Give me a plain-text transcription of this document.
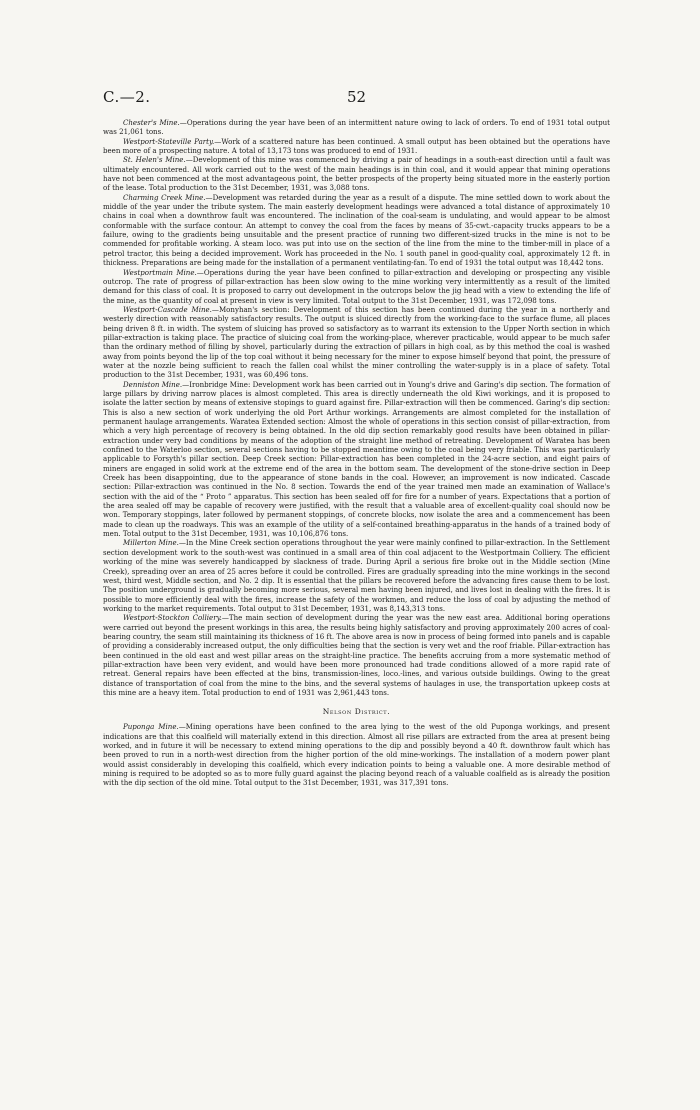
C.—2.	52

Chester's Mine.—Operations during the year have been of an intermittent nature owing to lack of orders. To end of 1931 total output was 21,061 tons.

Westport-Stateville Party.—Work of a scattered nature has been continued. A small output has been obtained but the operations have been more of a prospecting nature. A total of 13,173 tons was produced to end of 1931.

St. Helen's Mine.—Development of this mine was commenced by driving a pair of headings in a south-east direction until a fault was ultimately encountered. All work carried out to the west of the main headings is in thin coal, and it would appear that mining operations have not been commenced at the most advantageous point, the better prospects of the property being situated more in the easterly portion of the lease. Total production to the 31st December, 1931, was 3,088 tons.

Charming Creek Mine.—Development was retarded during the year as a result of a dispute. The mine settled down to work about the middle of the year under the tribute system. The main easterly development headings were advanced a total distance of approximately 10 chains in coal when a downthrow fault was encountered. The inclination of the coal-seam is undulating, and would appear to be almost conformable with the surface contour. An attempt to convey the coal from the faces by means of 35-cwt.-capacity trucks appears to be a failure, owing to the gradients being unsuitable and the present practice of running two different-sized trucks in the mine is not to be commended for profitable working. A steam loco. was put into use on the section of the line from the mine to the timber-mill in place of a petrol tractor, this being a decided improvement. Work has proceeded in the No. 1 south panel in good-quality coal, approximately 12 ft. in thickness. Preparations are being made for the installation of a permanent ventilating-fan. To end of 1931 the total output was 18,442 tons.

Westportmain Mine.—Operations during the year have been confined to pillar-extraction and developing or prospecting any visible outcrop. The rate of progress of pillar-extraction has been slow owing to the mine working very intermittently as a result of the limited demand for this class of coal. It is proposed to carry out development in the outcrops below the jig head with a view to extending the life of the mine, as the quantity of coal at present in view is very limited. Total output to the 31st December, 1931, was 172,098 tons.

Westport-Cascade Mine.—Monyhan's section: Development of this section has been continued during the year in a northerly and westerly direction with reasonably satisfactory results. The output is sluiced directly from the working-face to the surface flume, all places being driven 8 ft. in width. The system of sluicing has proved so satisfactory as to warrant its extension to the Upper North section in which pillar-extraction is taking place. The practice of sluicing coal from the working-place, wherever practicable, would appear to be much safer than the ordinary method of filling by shovel, particularly during the extraction of pillars in high coal, as by this method the coal is washed away from points beyond the lip of the top coal without it being necessary for the miner to expose himself beyond that point, the pressure of water at the nozzle being sufficient to reach the fallen coal whilst the miner controlling the water-supply is in a place of safety. Total production to the 31st December, 1931, was 60,496 tons.

Denniston Mine.—Ironbridge Mine: Development work has been carried out in Young's drive and Garing's dip section. The formation of large pillars by driving narrow places is almost completed. This area is directly underneath the old Kiwi workings, and it is proposed to isolate the latter section by means of extensive stopings to guard against fire. Pillar-extraction will then be commenced. Garing's dip section: This is also a new section of work underlying the old Port Arthur workings. Arrangements are almost completed for the installation of permanent haulage arrangements. Waratea Extended section: Almost the whole of operations in this section consist of pillar-extraction, from which a very high percentage of recovery is being obtained. In the old dip section remarkably good results have been obtained in pillar-extraction under very bad conditions by means of the adoption of the straight line method of retreating. Development of Waratea has been confined to the Waterloo section, several sections having to be stopped meantime owing to the coal being very friable. This was particularly applicable to Forsyth's pillar section. Deep Creek section: Pillar-extraction has been completed in the 24-acre section, and eight pairs of miners are engaged in solid work at the extreme end of the area in the bottom seam. The development of the stone-drive section in Deep Creek has been disappointing, due to the appearance of stone bands in the coal. However, an improvement is now indicated. Cascade section: Pillar-extraction was continued in the No. 8 section. Towards the end of the year trained men made an examination of Wallace's section with the aid of the “ Proto ” apparatus. This section has been sealed off for fire for a number of years. Expectations that a portion of the area sealed off may be capable of recovery were justified, with the result that a valuable area of excellent-quality coal should now be won. Temporary stoppings, later followed by permanent stoppings, of concrete blocks, now isolate the area and a commencement has been made to clean up the roadways. This was an example of the utility of a self-contained breathing-apparatus in the hands of a trained body of men. Total output to the 31st December, 1931, was 10,106,876 tons.

Millerton Mine.—In the Mine Creek section operations throughout the year were mainly confined to pillar-extraction. In the Settlement section development work to the south-west was continued in a small area of thin coal adjacent to the Westportmain Colliery. The efficient working of the mine was severely handicapped by slackness of trade. During April a serious fire broke out in the Middle section (Mine Creek), spreading over an area of 25 acres before it could be controlled. Fires are gradually spreading into the mine workings in the second west, third west, Middle section, and No. 2 dip. It is essential that the pillars be recovered before the advancing fires cause them to be lost. The position underground is gradually becoming more serious, several men having been injured, and lives lost in dealing with the fires. It is possible to more efficiently deal with the fires, increase the safety of the workmen, and reduce the loss of coal by adjusting the method of working to the market requirements. Total output to 31st December, 1931, was 8,143,313 tons.

Westport-Stockton Colliery.—The main section of development during the year was the new east area. Additional boring operations were carried out beyond the present workings in this area, the results being highly satisfactory and proving approximately 200 acres of coal-bearing country, the seam still maintaining its thickness of 16 ft. The above area is now in process of being formed into panels and is capable of providing a considerably increased output, the only difficulties being that the section is very wet and the roof friable. Pillar-extraction has been continued in the old east and west pillar areas on the straight-line practice. The benefits accruing from a more systematic method of pillar-extraction have been very evident, and would have been more pronounced had trade conditions allowed of a more rapid rate of retreat. General repairs have been effected at the bins, transmission-lines, loco.-lines, and various outside buildings. Owing to the great distance of transportation of coal from the mine to the bins, and the several systems of haulages in use, the transportation upkeep costs at this mine are a heavy item. Total production to end of 1931 was 2,961,443 tons.

Nelson District.

Puponga Mine.—Mining operations have been confined to the area lying to the west of the old Puponga workings, and present indications are that this coalfield will materially extend in this direction. Almost all rise pillars are extracted from the area at present being worked, and in future it will be necessary to extend mining operations to the dip and possibly beyond a 40 ft. downthrow fault which has been proved to run in a north-west direction from the higher portion of the old mine-workings. The installation of a modern power plant would assist considerably in developing this coalfield, which every indication points to being a valuable one. A more desirable method of mining is required to be adopted so as to more fully guard against the placing beyond reach of a valuable coalfield as is already the position with the dip section of the old mine. Total output to the 31st December, 1931, was 317,391 tons.
